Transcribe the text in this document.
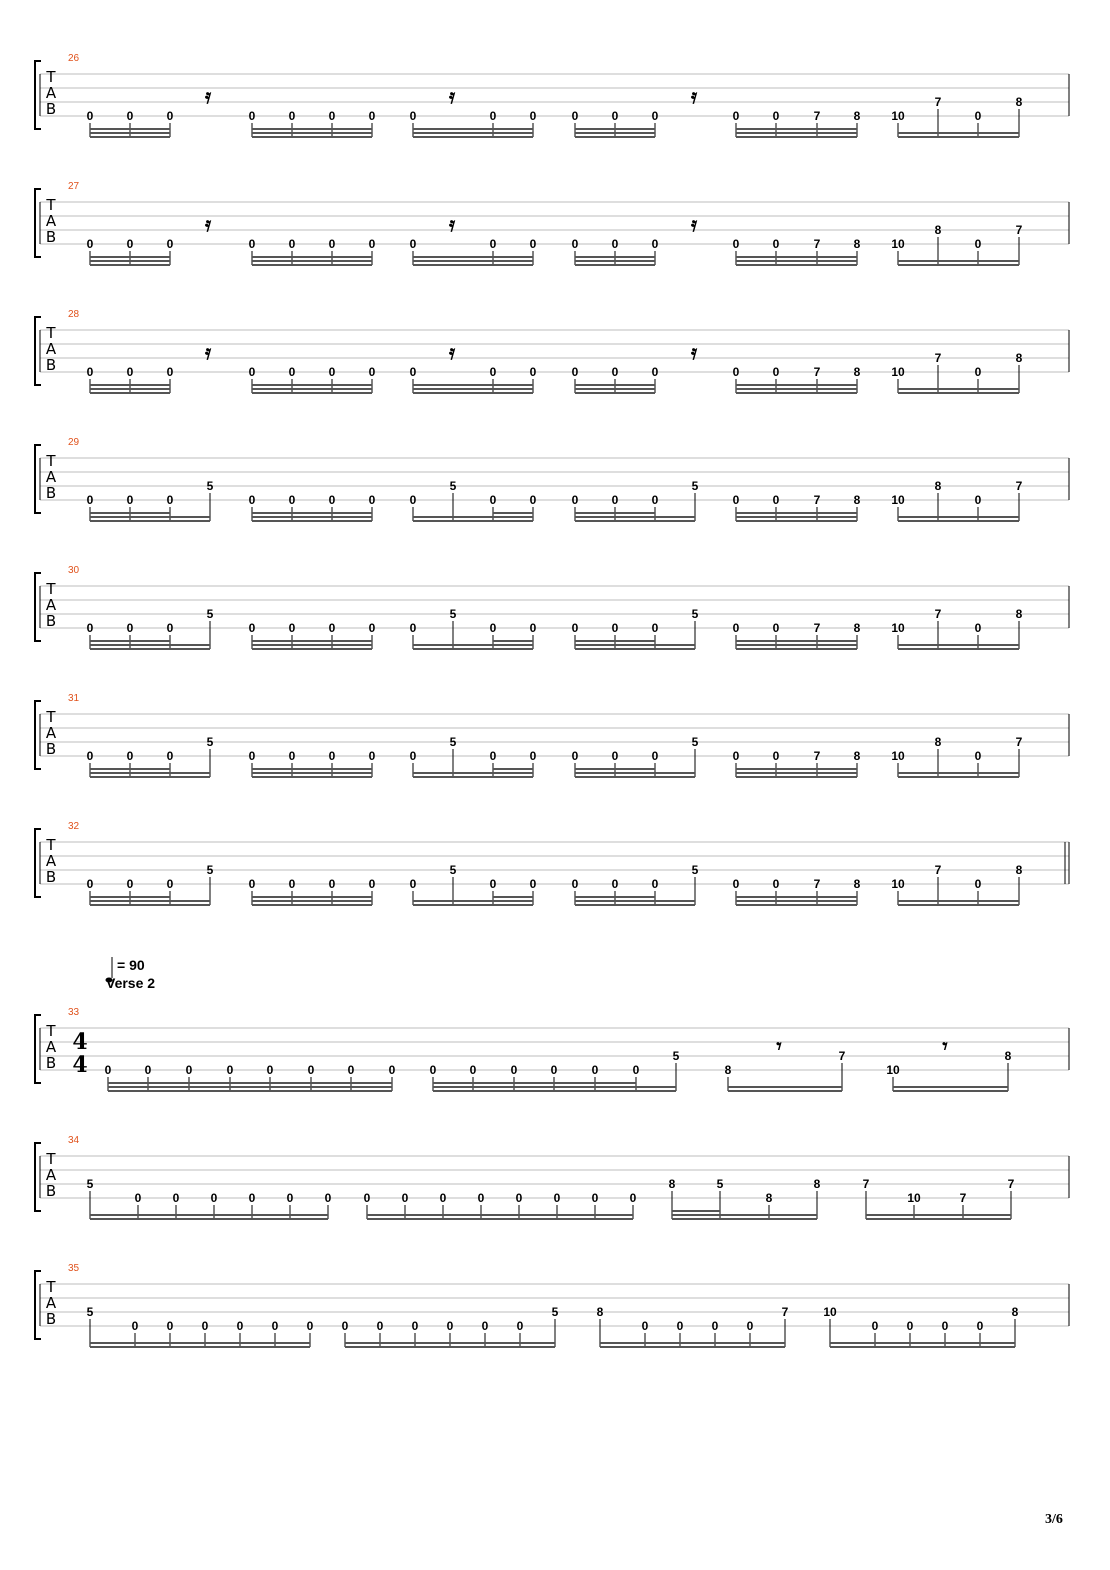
T
A
B
26
𝄿	𝄿	𝄿
0	0	0	0	0	0	0	0	0	0	0	0	0	0	0	7	8	10
7
0
8
T
A
B
27
𝄿	𝄿	𝄿
0	0	0	0	0	0	0	0	0	0	0	0	0	0	0	7	8	10
8
0
7
T
A
B
28
𝄿	𝄿	𝄿
0	0	0	0	0	0	0	0	0	0	0	0	0	0	0	7	8	10
7
0
8
T
A
B
29
0	0	0
5
0	0	0	0	0
5
0	0	0	0	0
5
0	0	7	8	10
8
0
7
T
A
B
30
0	0	0
5
0	0	0	0	0
5
0	0	0	0	0
5
0	0	7	8	10
7
0
8
T
A
B
31
0	0	0
5
0	0	0	0	0
5
0	0	0	0	0
5
0	0	7	8	10
8
0
7
T
A
B
32
0	0	0
5
0	0	0	0	0
5
0	0	0	0	0
5
0	0	7	8	10
7
0
8
T
A
B
33
4
4
𝄾	𝄾
0	0	0	0	0	0	0	0	0	0	0	0	0	0
5
8
7
10
8
T
A
B
34
5
0	0	0	0	0	0	0	0	0	0	0	0	0	0
8	5
8
8	7
10	7
7
T
A
B
35
5
0 0 0 0 0 0 0 0 0 0 0 0
5	8
0 0 0 0
7	10
0 0 0 0
8
= 90
Verse 2
3/6
